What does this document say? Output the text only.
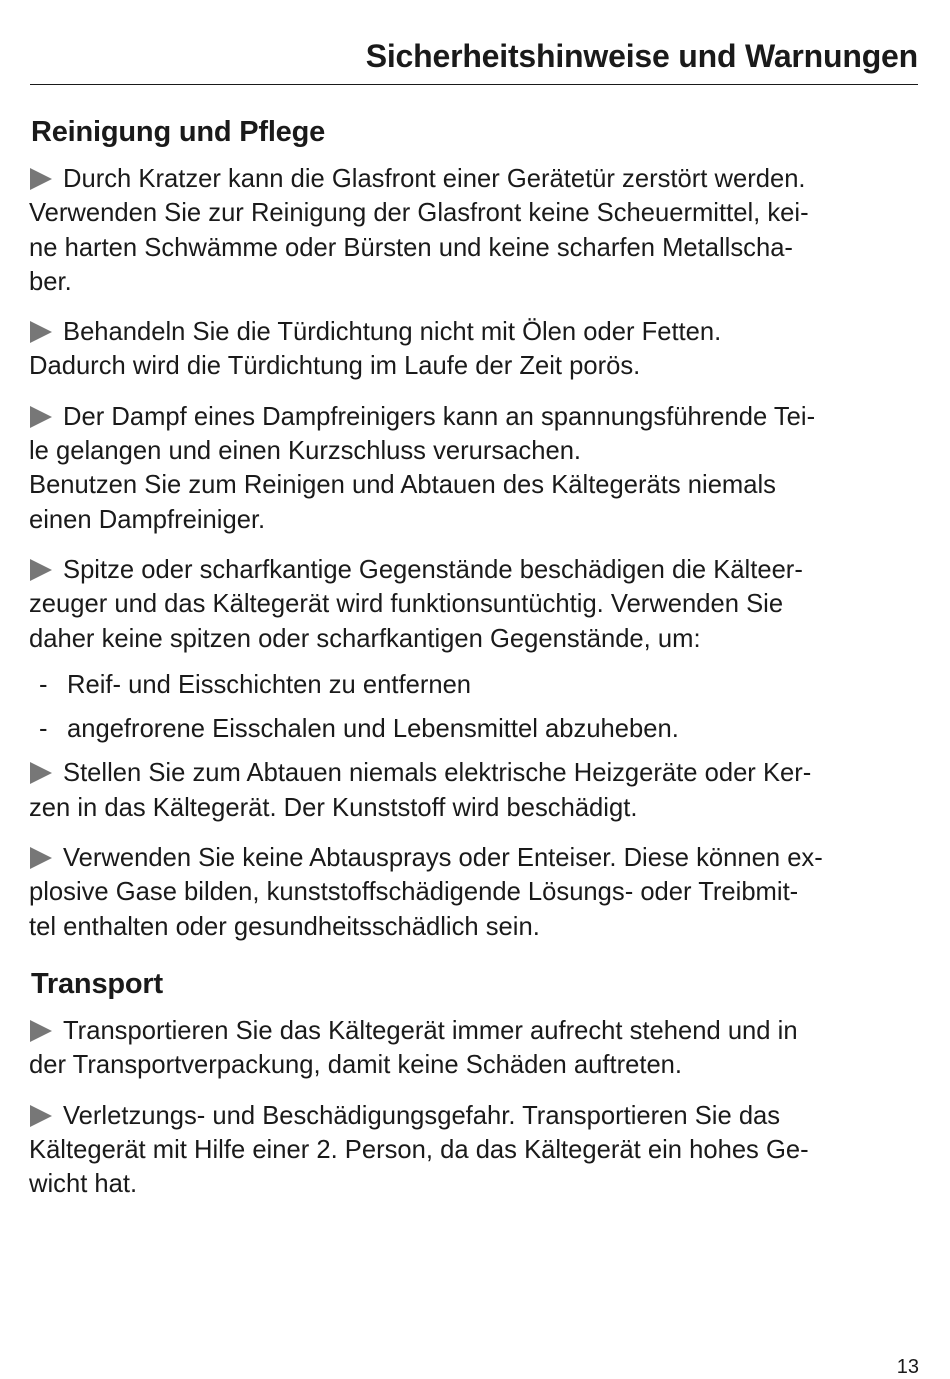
Sicherheitshinweise und Warnungen
Reinigung und Pflege
Durch Kratzer kann die Glasfront einer Gerätetür zerstört werden.
Verwenden Sie zur Reinigung der Glasfront keine Scheuermittel, kei-
ne harten Schwämme oder Bürsten und keine scharfen Metallscha-
ber.
Behandeln Sie die Türdichtung nicht mit Ölen oder Fetten.
Dadurch wird die Türdichtung im Laufe der Zeit porös.
Der Dampf eines Dampfreinigers kann an spannungsführende Tei-
le gelangen und einen Kurzschluss verursachen.
Benutzen Sie zum Reinigen und Abtauen des Kältegeräts niemals
einen Dampfreiniger.
Spitze oder scharfkantige Gegenstände beschädigen die Kälteer-
zeuger und das Kältegerät wird funktionsuntüchtig. Verwenden Sie
daher keine spitzen oder scharfkantigen Gegenstände, um:
- Reif- und Eisschichten zu entfernen
- angefrorene Eisschalen und Lebensmittel abzuheben.
Stellen Sie zum Abtauen niemals elektrische Heizgeräte oder Ker-
zen in das Kältegerät. Der Kunststoff wird beschädigt.
Verwenden Sie keine Abtausprays oder Enteiser. Diese können ex-
plosive Gase bilden, kunststoffschädigende Lösungs- oder Treibmit-
tel enthalten oder gesundheitsschädlich sein.
Transport
Transportieren Sie das Kältegerät immer aufrecht stehend und in
der Transportverpackung, damit keine Schäden auftreten.
Verletzungs- und Beschädigungsgefahr. Transportieren Sie das
Kältegerät mit Hilfe einer 2. Person, da das Kältegerät ein hohes Ge-
wicht hat.
13
